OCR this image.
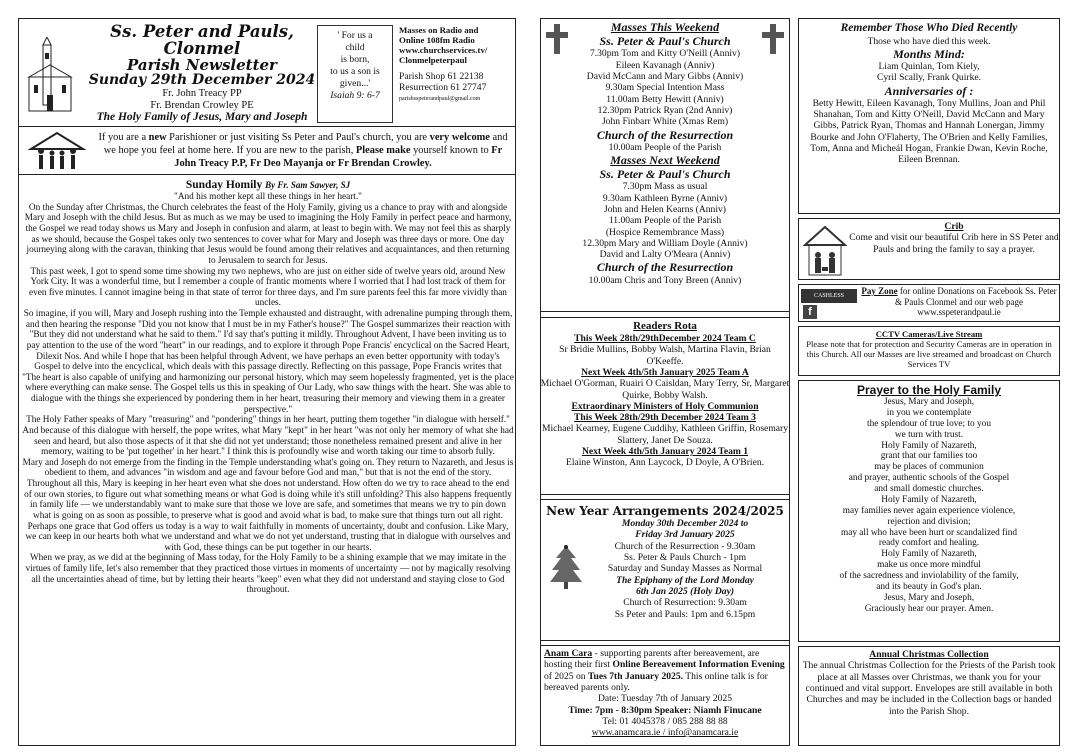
Ss. Peter and Pauls, Clonmel
Parish Newsletter
Sunday 29th December 2024
Fr. John Treacy PP
Fr. Brendan Crowley PE
The Holy Family of Jesus, Mary and Joseph
' For us a
child
is born,
to us a son is
given...'
Isaiah 9: 6-7
Masses on Radio and
Online 108fm Radio
www.churchservices.tv/
Clonmelpeterpaul
Parish Shop 61 22138
Resurrection 61 27747
parishsspeterandpaul@gmail.com

If you are a new Parishioner or just visiting Ss Peter and Paul's church, you are very welcome and we hope you feel at home here. If you are new to the parish, Please make yourself known to Fr John Treacy P.P, Fr Deo Mayanja or Fr Brendan Crowley.

Sunday Homily By Fr. Sam Sawyer, SJ

"And his mother kept all these things in her heart."

On the Sunday after Christmas, the Church celebrates the feast of the Holy Family, giving us a chance to pray with and alongside Mary and Joseph with the child Jesus. But as much as we may be used to imagining the Holy Family in perfect peace and harmony, the Gospel we read today shows us Mary and Joseph in confusion and alarm, at least to begin with. We may not feel this as sharply as we should, because the Gospel takes only two sentences to cover what for Mary and Joseph was three days or more. One day journeying along with the caravan, thinking that Jesus would be found among their relatives and acquaintances, and then returning to Jerusalem to search for Jesus.

This past week, I got to spend some time showing my two nephews, who are just on either side of twelve years old, around New York City. It was a wonderful time, but I remember a couple of frantic moments where I worried that I had lost track of them for even five minutes. I cannot imagine being in that state of terror for three days, and I'm sure parents feel this far more vividly than uncles.

So imagine, if you will, Mary and Joseph rushing into the Temple exhausted and distraught, with adrenaline pumping through them, and then hearing the response "Did you not know that I must be in my Father's house?" The Gospel summarizes their reaction with "But they did not understand what he said to them." I'd say that's putting it mildly. Throughout Advent, I have been inviting us to pay attention to the use of the word "heart" in our readings, and to explore it through Pope Francis' encyclical on the Sacred Heart, Dilexit Nos. And while I hope that has been helpful through Advent, we have perhaps an even better opportunity with today's Gospel to delve into the encyclical, which deals with this passage directly. Reflecting on this passage, Pope Francis writes that

"The heart is also capable of unifying and harmonizing our personal history, which may seem hopelessly fragmented, yet is the place where everything can make sense. The Gospel tells us this in speaking of Our Lady, who saw things with the heart. She was able to dialogue with the things she experienced by pondering them in her heart, treasuring their memory and viewing them in a greater perspective."

The Holy Father speaks of Mary "treasuring" and "pondering" things in her heart, putting them together "in dialogue with herself." And because of this dialogue with herself, the pope writes, what Mary "kept" in her heart "was not only her memory of what she had seen and heard, but also those aspects of it that she did not yet understand; those nonetheless remained present and alive in her memory, waiting to be 'put together' in her heart." I think this is profoundly wise and worth taking our time to absorb fully.

Mary and Joseph do not emerge from the finding in the Temple understanding what's going on. They return to Nazareth, and Jesus is obedient to them, and advances "in wisdom and age and favour before God and man," but that is not the end of the story. Throughout all this, Mary is keeping in her heart even what she does not understand. How often do we try to race ahead to the end of our own stories, to figure out what something means or what God is doing while it's still unfolding? This also happens frequently in family life — we understandably want to make sure that those we love are safe, and sometimes that means we try to pin down what is going on as soon as possible, to preserve what is good and avoid what is bad, to make sure that things turn out all right. Perhaps one grace that God offers us today is a way to wait faithfully in moments of uncertainty, doubt and confusion. Like Mary, we can keep in our hearts both what we understand and what we do not yet understand, trusting that in dialogue with ourselves and with God, these things can be put together in our hearts.

When we pray, as we did at the beginning of Mass today, for the Holy Family to be a shining example that we may imitate in the virtues of family life, let's also remember that they practiced those virtues in moments of uncertainty — not by magically resolving all the uncertainties ahead of time, but by letting their hearts "keep" even what they did not understand and staying close to God throughout.

Masses This Weekend
Ss. Peter & Paul's Church
7.30pm Tom and Kitty O'Neill (Anniv)
Eileen Kavanagh (Anniv)
David McCann and Mary Gibbs (Anniv)
9.30am Special Intention Mass
11.00am Betty Hewitt (Anniv)
12.30pm Patrick Ryan (2nd Anniv)
John Finbarr White (Xmas Rem)
Church of the Resurrection
10.00am People of the Parish
Masses Next Weekend
Ss. Peter & Paul's Church
7.30pm Mass as usual
9.30am Kathleen Byrne (Anniv)
John and Helen Kearns (Anniv)
11.00am People of the Parish
(Hospice Remembrance Mass)
12.30pm Mary and William Doyle (Anniv)
David and Lalty O'Meara (Anniv)
Church of the Resurrection
10.00am Chris and Tony Breen (Anniv)
Readers Rota
This Week 28th/29thDecember 2024 Team C
Sr Bridie Mullins, Bobby Walsh, Martina Flavin, Brian O'Keeffe.
Next Week 4th/5th January 2025 Team A
Michael O'Gorman, Ruairi O Caisldan, Mary Terry, Sr, Margaret Quirke, Bobby Walsh.
Extraordinary Ministers of Holy Communion
This Week 28th/29th December 2024 Team 3
Michael Kearney, Eugene Cuddihy, Kathleen Griffin, Rosemary Slattery, Janet De Souza.
Next Week 4th/5th January 2024 Team 1
Elaine Winston, Ann Laycock, D Doyle, A O'Brien.
New Year Arrangements 2024/2025
Monday 30th December 2024 to
Friday 3rd January 2025
Church of the Resurrection - 9.30am
Ss. Peter & Pauls Church - 1pm
Saturday and Sunday Masses as Normal
The Epiphany of the Lord Monday
6th Jan 2025 (Holy Day)
Church of Resurrection: 9.30am
Ss Peter and Pauls: 1pm and 6.15pm
Anam Cara - supporting parents after bereavement, are hosting their first Online Bereavement Information Evening of 2025 on Tues 7th January 2025. This online talk is for bereaved parents only.
Date: Tuesday 7th of January 2025
Time: 7pm - 8:30pm Speaker: Niamh Finucane
Tel: 01 4045378 / 085 288 88 88
www.anamcara.ie / info@anamcara.ie
Remember Those Who Died Recently
Those who have died this week.
Months Mind:
Liam Quinlan, Tom Kiely,
Cyril Scally, Frank Quirke.
Anniversaries of :
Betty Hewitt, Eileen Kavanagh, Tony Mullins, Joan and Phil Shanahan, Tom and Kitty O'Neill, David McCann and Mary Gibbs, Patrick Ryan, Thomas and Hannah Lonergan, Jimmy Bourke and John O'Flaherty, The O'Brien and Kelly Families, Tom, Anna and Micheál Hogan, Frankie Dwan, Kevin Roche, Eileen Brennan.
Crib
Come and visit our beautiful Crib here in SS Peter and Pauls and bring the family to say a prayer.
CASHLESS
f
Pay Zone for online Donations on Facebook Ss. Peter & Pauls Clonmel and our web page www.sspeterandpaul.ie
CCTV Cameras/Live Stream
Please note that for protection and Security Cameras are in operation in this Church. All our Masses are live streamed and broadcast on Church Services TV
Prayer to the Holy Family
Jesus, Mary and Joseph,
in you we contemplate
the splendour of true love; to you
we turn with trust.
Holy Family of Nazareth,
grant that our families too
may be places of communion
and prayer, authentic schools of the Gospel
and small domestic churches.
Holy Family of Nazareth,
may families never again experience violence,
rejection and division;
may all who have been hurt or scandalized find
ready comfort and healing.
Holy Family of Nazareth,
make us once more mindful
of the sacredness and inviolability of the family,
and its beauty in God's plan.
Jesus, Mary and Joseph,
Graciously hear our prayer. Amen.
Annual Christmas Collection
The annual Christmas Collection for the Priests of the Parish took place at all Masses over Christmas, we thank you for your continued and vital support. Envelopes are still available in both Churches and may be included in the Collection bags or handed into the Parish Shop.
